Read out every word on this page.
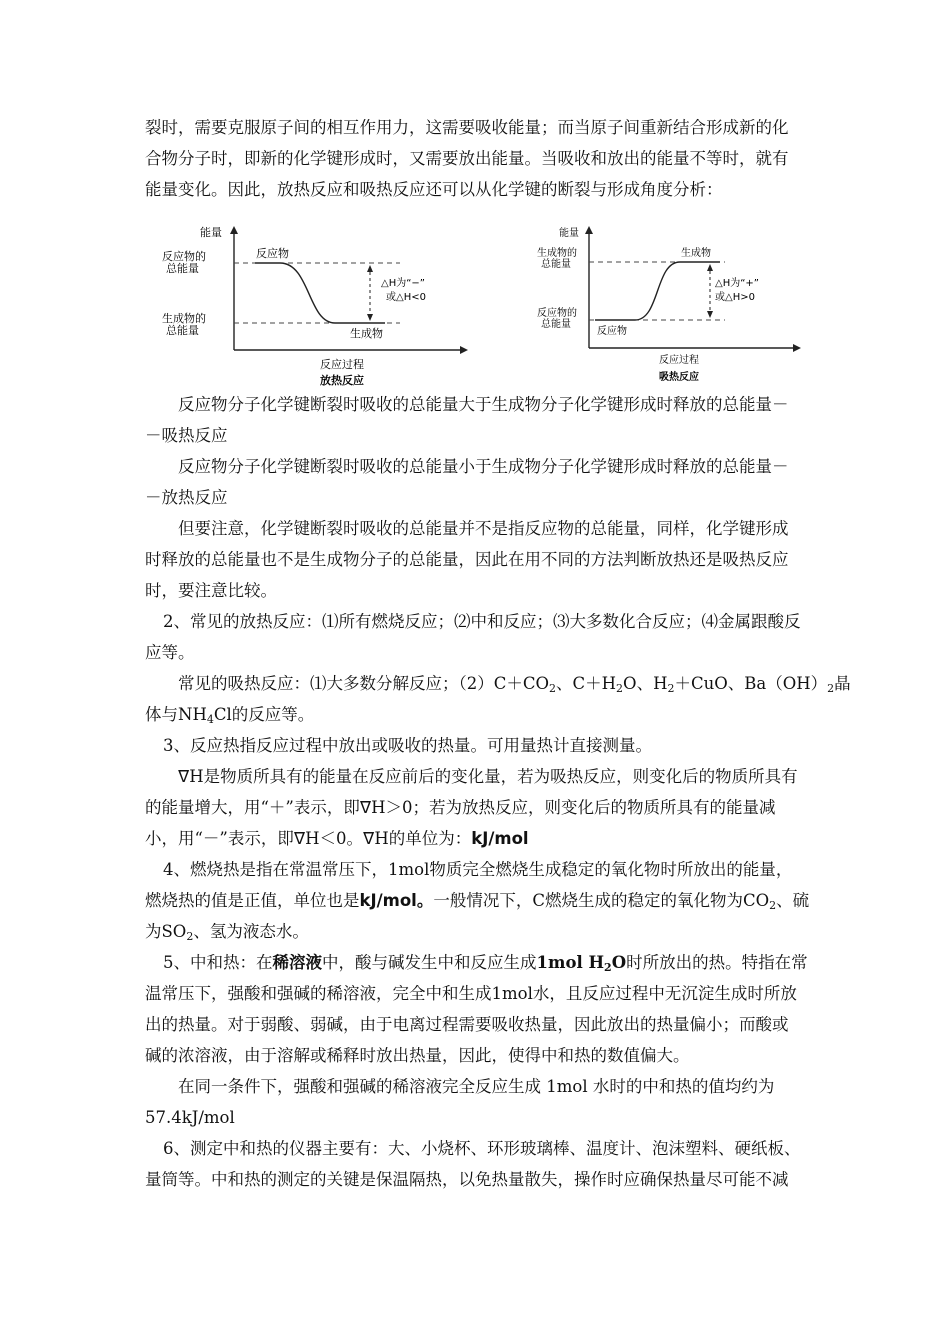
裂时，需要克服原子间的相互作用力，这需要吸收能量；而当原子间重新结合形成新的化
合物分子时，即新的化学键形成时，又需要放出能量。当吸收和放出的能量不等时，就有
能量变化。因此，放热反应和吸热反应还可以从化学键的断裂与形成角度分析：
能量
反应物的
总能量
生成物的
总能量
反应物
生成物
△H为“−”
或△H<0
反应过程
放热反应
能量
生成物的
总能量
反应物的
总能量
反应物
生成物
△H为“+”
或△H>0
反应过程
吸热反应
反应物分子化学键断裂时吸收的总能量大于生成物分子化学键形成时释放的总能量－
－吸热反应
反应物分子化学键断裂时吸收的总能量小于生成物分子化学键形成时释放的总能量－
－放热反应
但要注意，化学键断裂时吸收的总能量并不是指反应物的总能量，同样，化学键形成
时释放的总能量也不是生成物分子的总能量，因此在用不同的方法判断放热还是吸热反应
时，要注意比较。
2、常见的放热反应：⑴所有燃烧反应；⑵中和反应；⑶大多数化合反应；⑷金属跟酸反
应等。
常见的吸热反应：⑴大多数分解反应；$(2)C+CO_2$、$C+H_2O$、$H_2+CuO$、$Ba(OH)_2$晶
体与$NH_4Cl$的反应等。
3、反应热指反应过程中放出或吸收的热量。可用量热计直接测量。
ᐁH是物质所具有的能量在反应前后的变化量，若为吸热反应，则变化后的物质所具有
的能量增大，用“＋”表示，即ᐁH＞0；若为放热反应，则变化后的物质所具有的能量减
小，用“－”表示，即ᐁH＜0。ᐁH的单位为：kJ/mol
4、燃烧热是指在常温常压下，1mol物质完全燃烧生成稳定的氧化物时所放出的能量，
燃烧热的值是正值，单位也是kJ/mol。一般情况下，C燃烧生成的稳定的氧化物为$CO_2$、硫
为$SO_2$、氢为液态水。
5、中和热：在稀溶液中，酸与碱发生中和反应生成1mol $H_2O$时所放出的热。特指在常
温常压下，强酸和强碱的稀溶液，完全中和生成1mol水，且反应过程中无沉淀生成时所放
出的热量。对于弱酸、弱碱，由于电离过程需要吸收热量，因此放出的热量偏小；而酸或
碱的浓溶液，由于溶解或稀释时放出热量，因此，使得中和热的数值偏大。
在同一条件下，强酸和强碱的稀溶液完全反应生成 1mol 水时的中和热的值均约为
57.4kJ/mol
6、测定中和热的仪器主要有：大、小烧杯、环形玻璃棒、温度计、泡沫塑料、硬纸板、
量筒等。中和热的测定的关键是保温隔热，以免热量散失，操作时应确保热量尽可能不减
